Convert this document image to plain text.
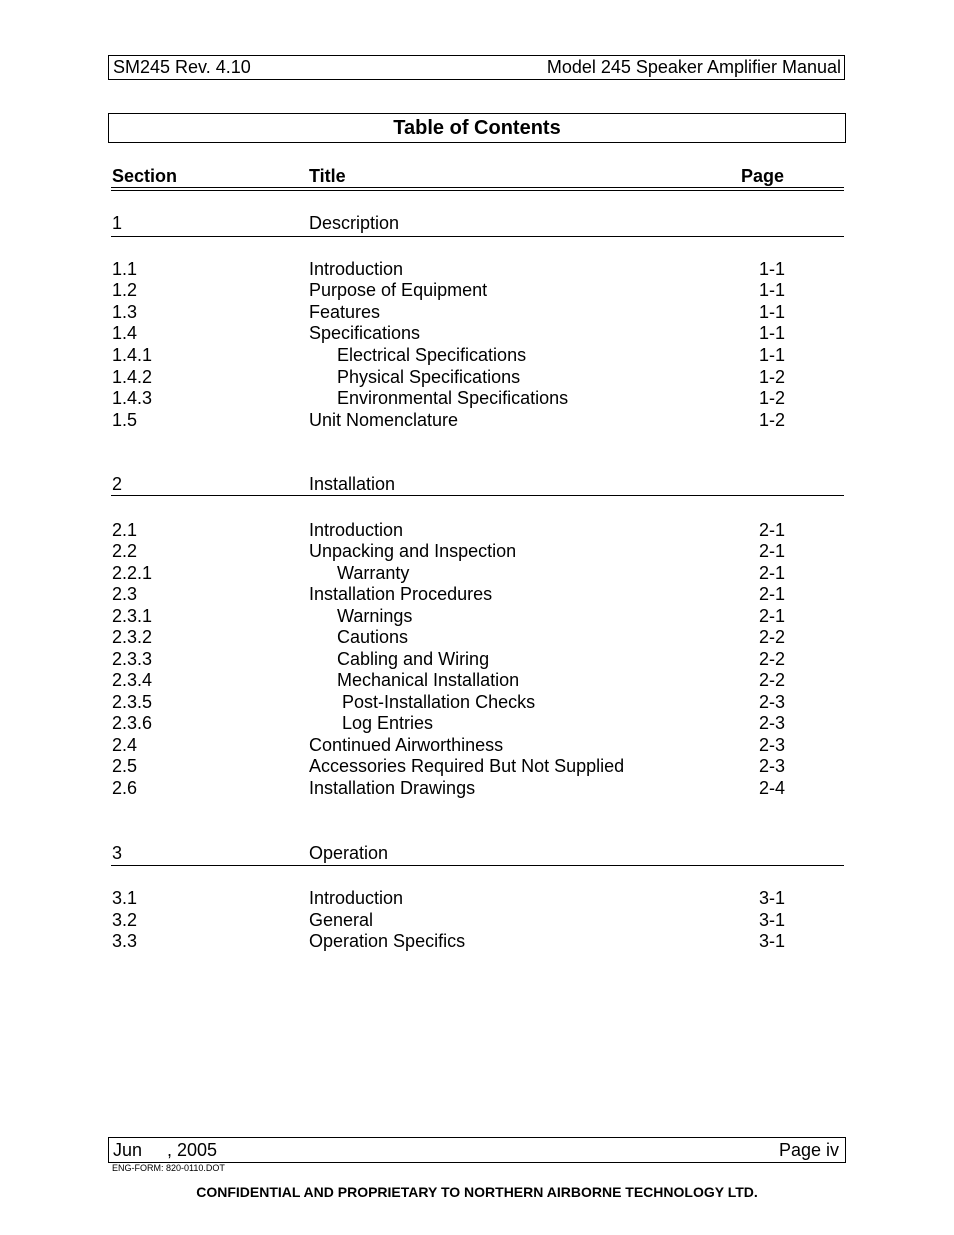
SM245 Rev. 4.10	Model 245 Speaker Amplifier Manual
Table of Contents
Section	Title	Page
1	Description
1.1	Introduction	1-1
1.2	Purpose of Equipment	1-1
1.3	Features	1-1
1.4	Specifications	1-1
1.4.1	Electrical Specifications	1-1
1.4.2	Physical Specifications	1-2
1.4.3	Environmental Specifications	1-2
1.5	Unit Nomenclature	1-2
2	Installation
2.1	Introduction	2-1
2.2	Unpacking and Inspection	2-1
2.2.1	Warranty	2-1
2.3	Installation Procedures	2-1
2.3.1	Warnings	2-1
2.3.2	Cautions	2-2
2.3.3	Cabling and Wiring	2-2
2.3.4	Mechanical Installation	2-2
2.3.5	Post-Installation Checks	2-3
2.3.6	Log Entries	2-3
2.4	Continued Airworthiness	2-3
2.5	Accessories Required But Not Supplied	2-3
2.6	Installation Drawings	2-4
3	Operation
3.1	Introduction	3-1
3.2	General	3-1
3.3	Operation Specifics	3-1
Jun     , 2005	Page iv
ENG-FORM: 820-0110.DOT
CONFIDENTIAL AND PROPRIETARY TO NORTHERN AIRBORNE TECHNOLOGY LTD.
